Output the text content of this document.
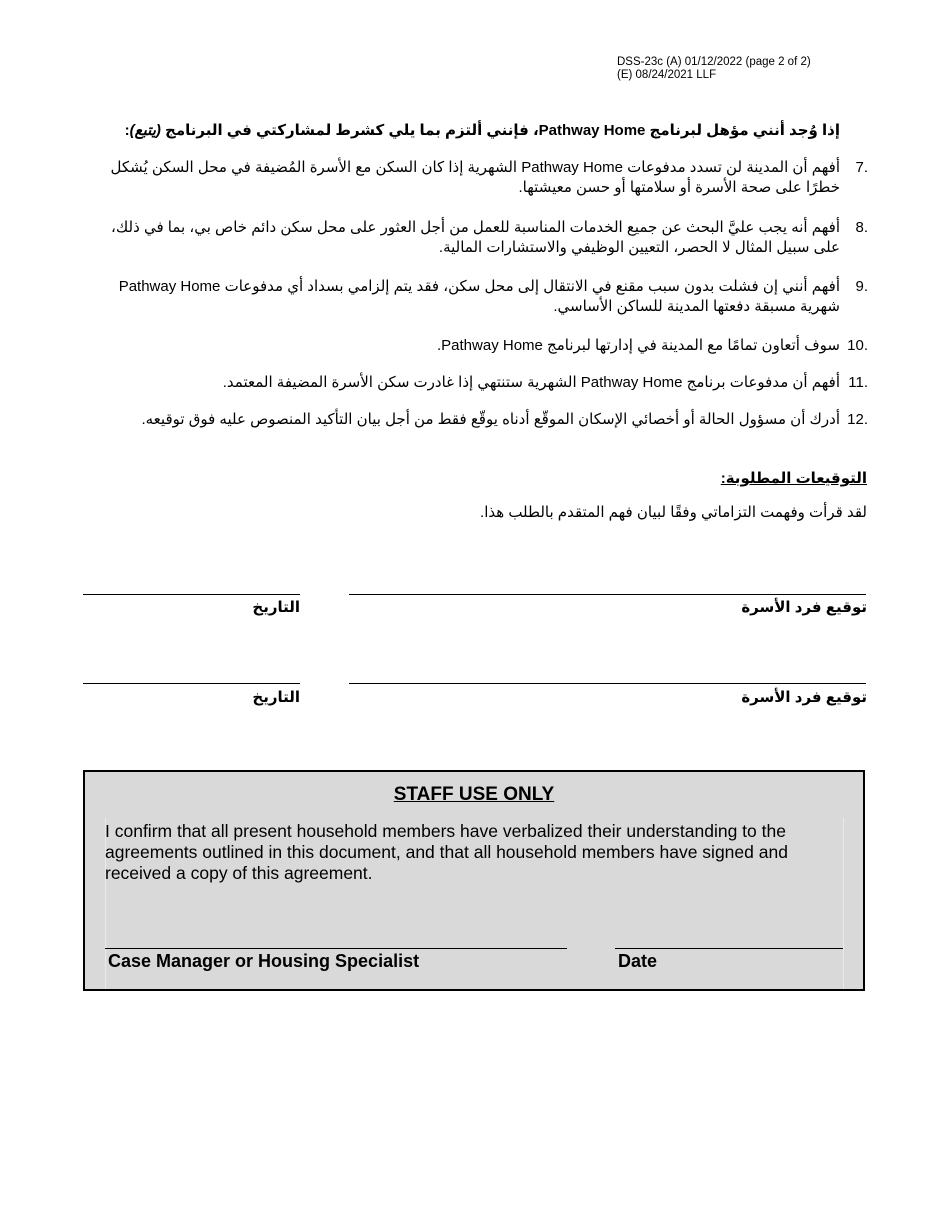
DSS-23c (A) 01/12/2022 (page 2 of 2)
(E) 08/24/2021 LLF
إذا وُجد أنني مؤهل لبرنامج Pathway Home، فإنني ألتزم بما يلي كشرط لمشاركتي في البرنامج (يتبع):
7.
أفهم أن المدينة لن تسدد مدفوعات Pathway Home الشهرية إذا كان السكن مع الأسرة المُضيفة في محل السكن يُشكل
خطرًا على صحة الأسرة أو سلامتها أو حسن معيشتها.
8.
أفهم أنه يجب عليَّ البحث عن جميع الخدمات المناسبة للعمل من أجل العثور على محل سكن دائم خاص بي، بما في ذلك،
على سبيل المثال لا الحصر، التعيين الوظيفي والاستشارات المالية.
9.
أفهم أنني إن فشلت بدون سبب مقنع في الانتقال إلى محل سكن، فقد يتم إلزامي بسداد أي مدفوعات Pathway Home
شهرية مسبقة دفعتها المدينة للساكن الأساسي.
10.
سوف أتعاون تمامًا مع المدينة في إدارتها لبرنامج Pathway Home.
11.
أفهم أن مدفوعات برنامج Pathway Home الشهرية ستنتهي إذا غادرت سكن الأسرة المضيفة المعتمد.
12.
أدرك أن مسؤول الحالة أو أخصائي الإسكان الموقّع أدناه يوقّع فقط من أجل بيان التأكيد المنصوص عليه فوق توقيعه.
التوقيعات المطلوبة:
لقد قرأت وفهمت التزاماتي وفقًا لبيان فهم المتقدم بالطلب هذا.
توقيع فرد الأسرة
التاريخ
توقيع فرد الأسرة
التاريخ
STAFF USE ONLY
I confirm that all present household members have verbalized their understanding to the agreements outlined in this document, and that all household members have signed and received a copy of this agreement.
Case Manager or Housing Specialist	Date
